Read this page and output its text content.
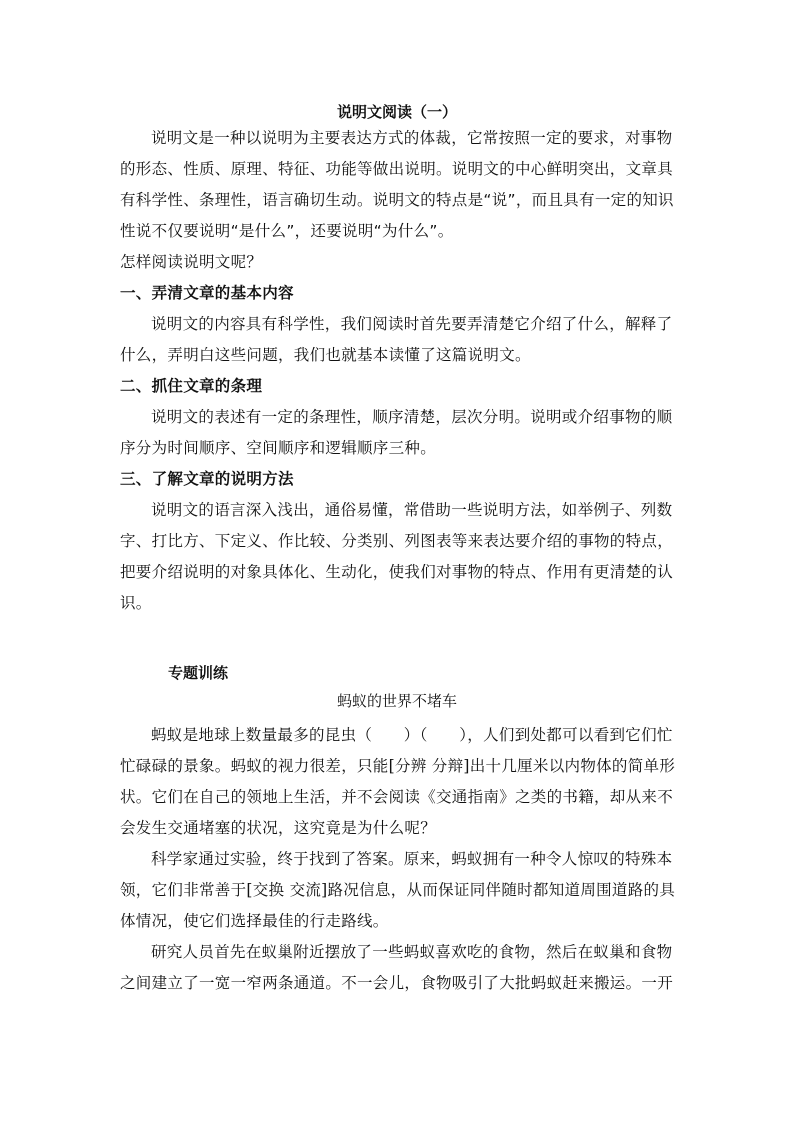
说明文阅读（一）

说明文是一种以说明为主要表达方式的体裁，它常按照一定的要求，对事物的形态、性质、原理、特征、功能等做出说明。说明文的中心鲜明突出，文章具有科学性、条理性，语言确切生动。说明文的特点是“说”，而且具有一定的知识性说不仅要说明“是什么”，还要说明“为什么”。

怎样阅读说明文呢？

一、弄清文章的基本内容

说明文的内容具有科学性，我们阅读时首先要弄清楚它介绍了什么，解释了什么，弄明白这些问题，我们也就基本读懂了这篇说明文。

二、抓住文章的条理

说明文的表述有一定的条理性，顺序清楚，层次分明。说明或介绍事物的顺序分为时间顺序、空间顺序和逻辑顺序三种。

三、了解文章的说明方法

说明文的语言深入浅出，通俗易懂，常借助一些说明方法，如举例子、列数字、打比方、下定义、作比较、分类别、列图表等来表达要介绍的事物的特点，把要介绍说明的对象具体化、生动化，使我们对事物的特点、作用有更清楚的认识。

专题训练
蚂蚁的世界不堵车

蚂蚁是地球上数量最多的昆虫（　　）（　　），人们到处都可以看到它们忙忙碌碌的景象。蚂蚁的视力很差，只能[分辨 分辩]出十几厘米以内物体的简单形状。它们在自己的领地上生活，并不会阅读《交通指南》之类的书籍，却从来不会发生交通堵塞的状况，这究竟是为什么呢？

科学家通过实验，终于找到了答案。原来，蚂蚁拥有一种令人惊叹的特殊本领，它们非常善于[交换 交流]路况信息，从而保证同伴随时都知道周围道路的具体情况，使它们选择最佳的行走路线。

研究人员首先在蚁巢附近摆放了一些蚂蚁喜欢吃的食物，然后在蚁巢和食物之间建立了一宽一窄两条通道。不一会儿，食物吸引了大批蚂蚁赶来搬运。一开
